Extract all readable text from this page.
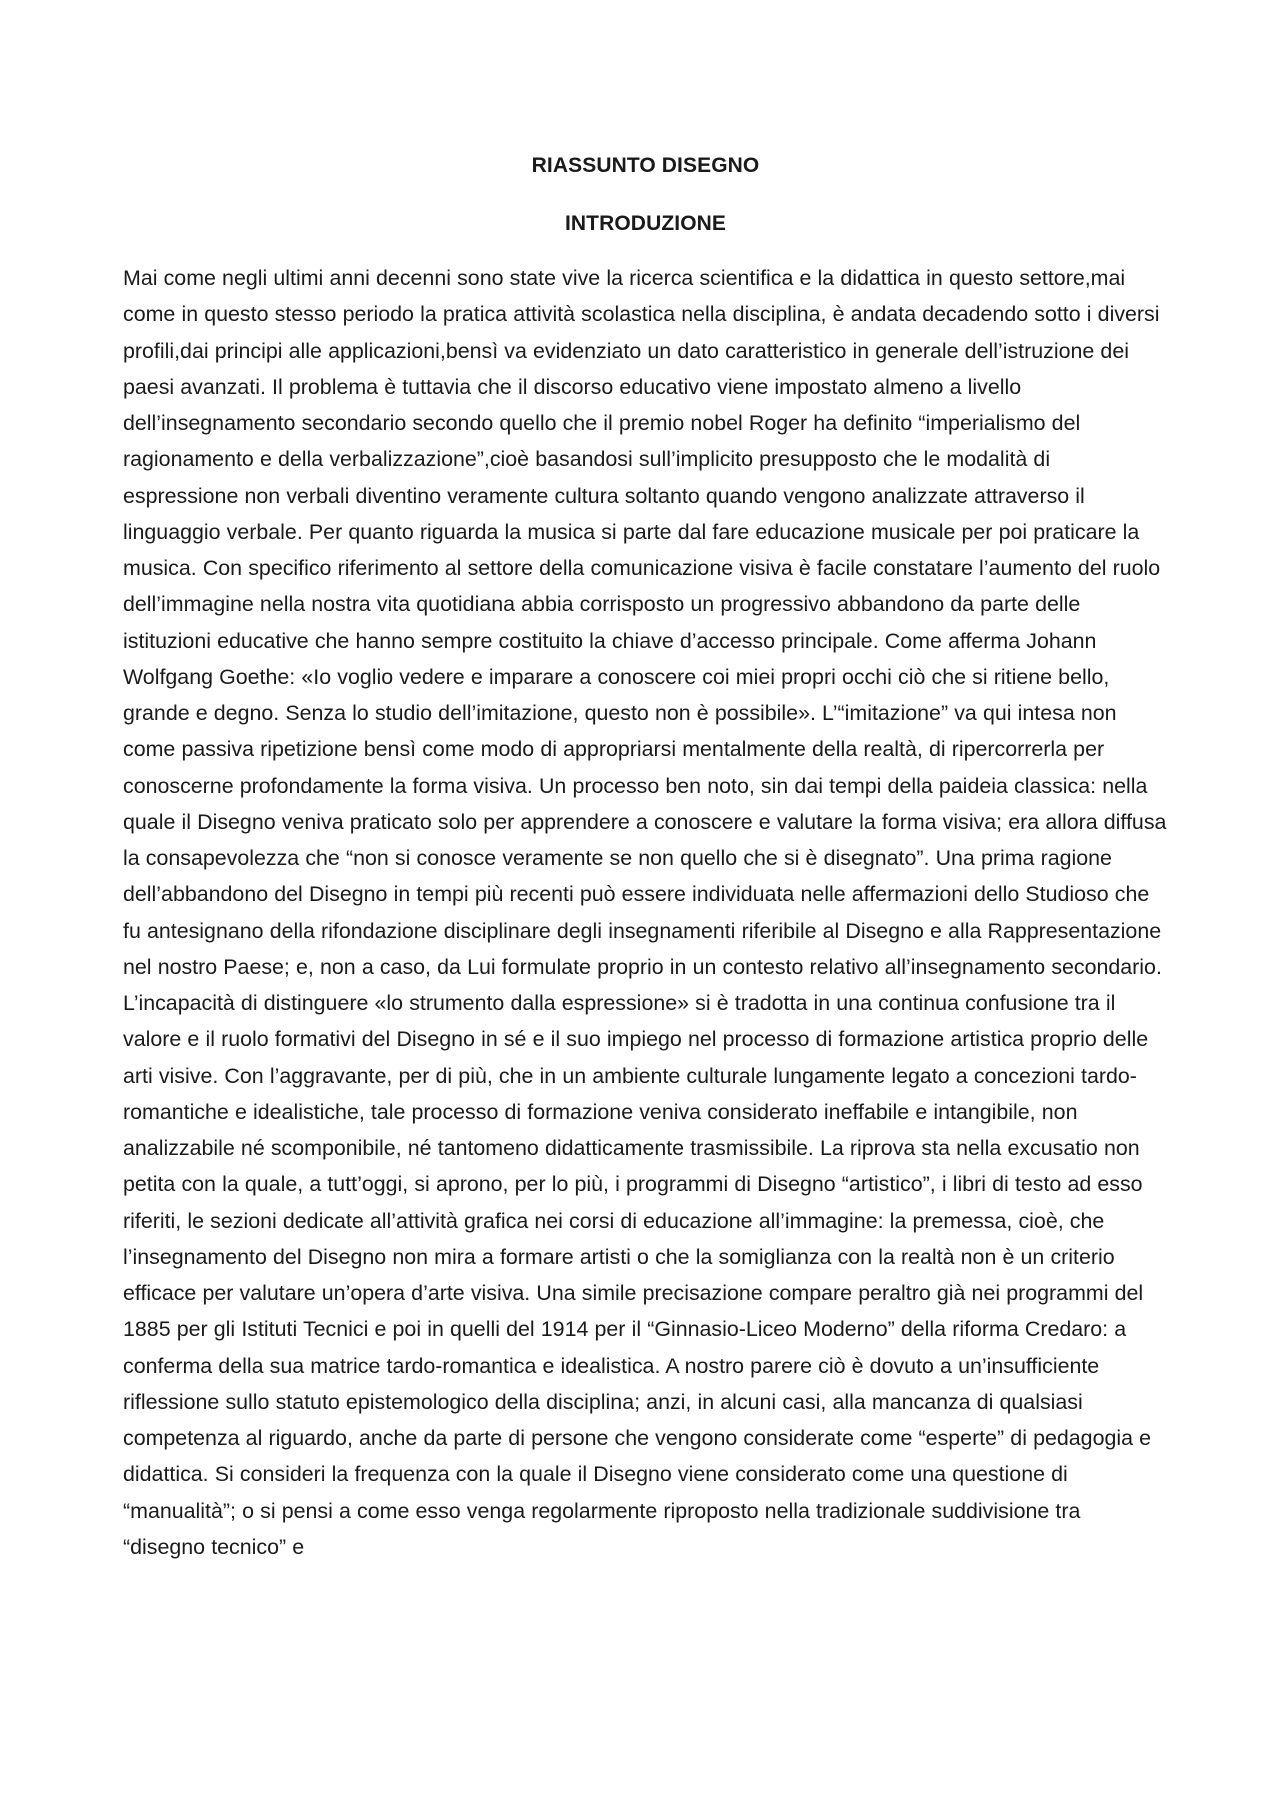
RIASSUNTO DISEGNO
INTRODUZIONE

Mai come negli ultimi anni decenni sono state vive la ricerca scientifica e la didattica in questo settore,mai come in questo stesso periodo la pratica attività scolastica nella disciplina, è andata decadendo sotto i diversi profili,dai principi alle applicazioni,bensì va evidenziato un dato caratteristico in generale dell’istruzione dei paesi avanzati. Il problema è tuttavia che il discorso educativo viene impostato almeno a livello dell’insegnamento secondario secondo quello che il premio nobel Roger ha definito “imperialismo del ragionamento e della verbalizzazione”,cioè basandosi sull’implicito presupposto che le modalità di espressione non verbali diventino veramente cultura soltanto quando vengono analizzate attraverso il linguaggio verbale. Per quanto riguarda la musica si parte dal fare educazione musicale per poi praticare la musica. Con specifico riferimento al settore della comunicazione visiva è facile constatare l’aumento del ruolo dell’immagine nella nostra vita quotidiana abbia corrisposto un progressivo abbandono da parte delle istituzioni educative che hanno sempre costituito la chiave d’accesso principale. Come afferma Johann Wolfgang Goethe: «Io voglio vedere e imparare a conoscere coi miei propri occhi ciò che si ritiene bello, grande e degno. Senza lo studio dell’imitazione, questo non è possibile». L’“imitazione” va qui intesa non come passiva ripetizione bensì come modo di appropriarsi mentalmente della realtà, di ripercorrerla per conoscerne profondamente la forma visiva. Un processo ben noto, sin dai tempi della paideia classica: nella quale il Disegno veniva praticato solo per apprendere a conoscere e valutare la forma visiva; era allora diffusa la consapevolezza che “non si conosce veramente se non quello che si è disegnato”. Una prima ragione dell’abbandono del Disegno in tempi più recenti può essere individuata nelle affermazioni dello Studioso che fu antesignano della rifondazione disciplinare degli insegnamenti riferibile al Disegno e alla Rappresentazione nel nostro Paese; e, non a caso, da Lui formulate proprio in un contesto relativo all’insegnamento secondario. L’incapacità di distinguere «lo strumento dalla espressione» si è tradotta in una continua confusione tra il valore e il ruolo formativi del Disegno in sé e il suo impiego nel processo di formazione artistica proprio delle arti visive. Con l’aggravante, per di più, che in un ambiente culturale lungamente legato a concezioni tardo-romantiche e idealistiche, tale processo di formazione veniva considerato ineffabile e intangibile, non analizzabile né scomponibile, né tantomeno didatticamente trasmissibile. La riprova sta nella excusatio non petita con la quale, a tutt’oggi, si aprono, per lo più, i programmi di Disegno “artistico”, i libri di testo ad esso riferiti, le sezioni dedicate all’attività grafica nei corsi di educazione all’immagine: la premessa, cioè, che l’insegnamento del Disegno non mira a formare artisti o che la somiglianza con la realtà non è un criterio efficace per valutare un’opera d’arte visiva. Una simile precisazione compare peraltro già nei programmi del 1885 per gli Istituti Tecnici e poi in quelli del 1914 per il “Ginnasio-Liceo Moderno” della riforma Credaro: a conferma della sua matrice tardo-romantica e idealistica. A nostro parere ciò è dovuto a un’insufficiente riflessione sullo statuto epistemologico della disciplina; anzi, in alcuni casi, alla mancanza di qualsiasi competenza al riguardo, anche da parte di persone che vengono considerate come “esperte” di pedagogia e didattica. Si consideri la frequenza con la quale il Disegno viene considerato come una questione di “manualità”; o si pensi a come esso venga regolarmente riproposto nella tradizionale suddivisione tra “disegno tecnico” e
